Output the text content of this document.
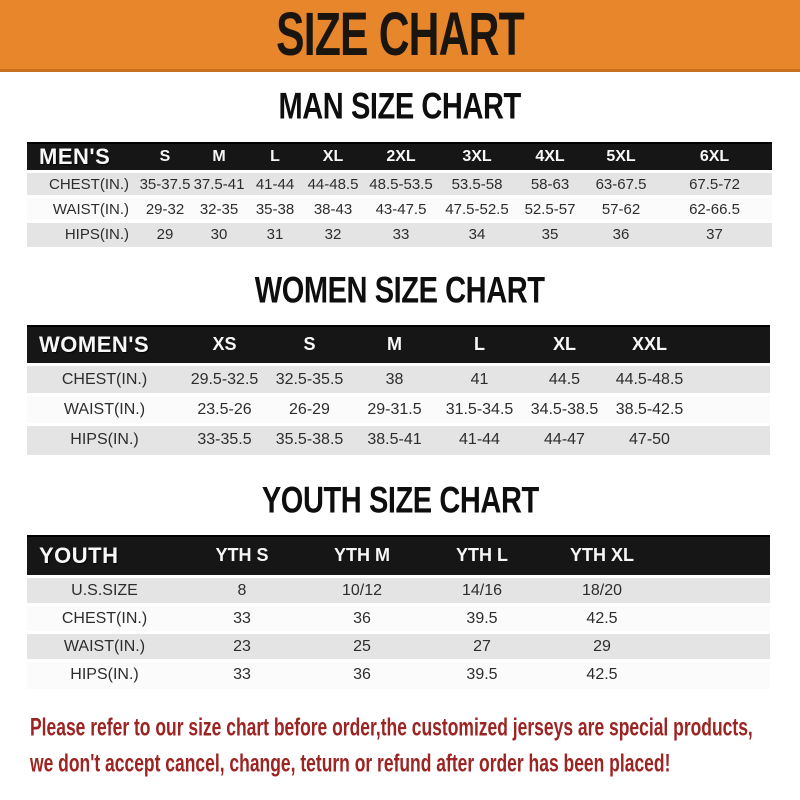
SIZE CHART
MAN SIZE CHART
MEN'S	S	M	L	XL	2XL	3XL	4XL	5XL	6XL
CHEST(IN.)	35-37.5	37.5-41	41-44	44-48.5	48.5-53.5	53.5-58	58-63	63-67.5	67.5-72
WAIST(IN.)	29-32	32-35	35-38	38-43	43-47.5	47.5-52.5	52.5-57	57-62	62-66.5
HIPS(IN.)	29	30	31	32	33	34	35	36	37
WOMEN SIZE CHART
WOMEN'S	XS	S	M	L	XL	XXL	
CHEST(IN.)	29.5-32.5	32.5-35.5	38	41	44.5	44.5-48.5	
WAIST(IN.)	23.5-26	26-29	29-31.5	31.5-34.5	34.5-38.5	38.5-42.5	
HIPS(IN.)	33-35.5	35.5-38.5	38.5-41	41-44	44-47	47-50	
YOUTH SIZE CHART
YOUTH	YTH S	YTH M	YTH L	YTH XL	
U.S.SIZE	8	10/12	14/16	18/20	
CHEST(IN.)	33	36	39.5	42.5	
WAIST(IN.)	23	25	27	29	
HIPS(IN.)	33	36	39.5	42.5	

Please refer to our size chart before order,the customized jerseys are special products,

we don't accept cancel, change, teturn or refund after order has been placed!
